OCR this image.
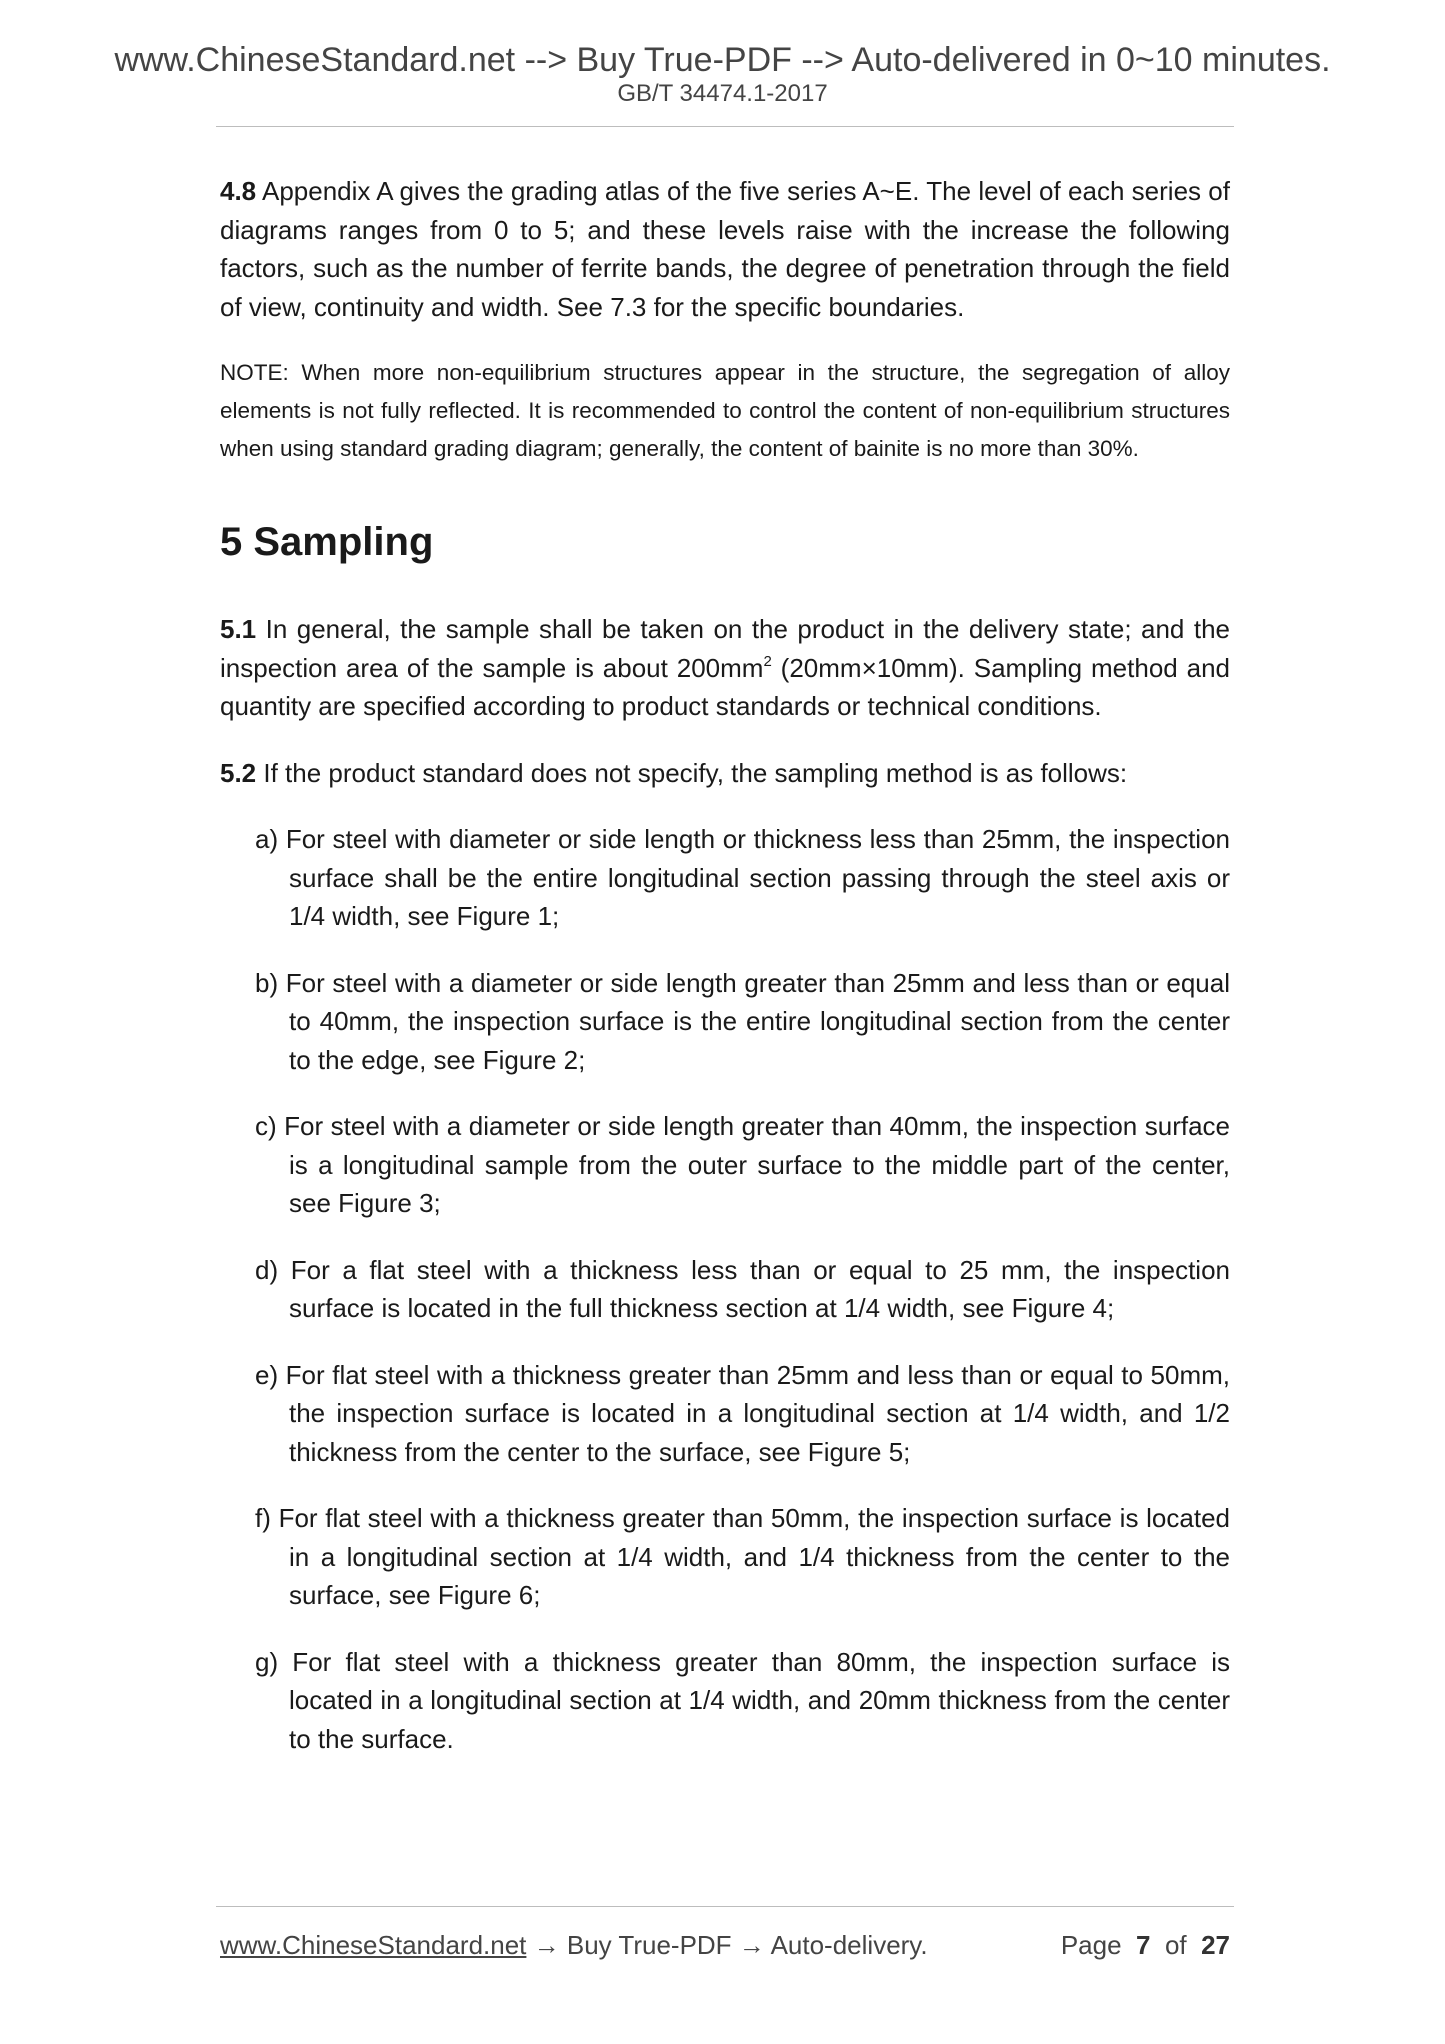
www.ChineseStandard.net --> Buy True-PDF --> Auto-delivered in 0~10 minutes.
GB/T 34474.1-2017

4.8 Appendix A gives the grading atlas of the five series A~E. The level of each series of diagrams ranges from 0 to 5; and these levels raise with the increase the following factors, such as the number of ferrite bands, the degree of penetration through the field of view, continuity and width. See 7.3 for the specific boundaries.

NOTE: When more non-equilibrium structures appear in the structure, the segregation of alloy elements is not fully reflected. It is recommended to control the content of non-equilibrium structures when using standard grading diagram; generally, the content of bainite is no more than 30%.

5 Sampling

5.1 In general, the sample shall be taken on the product in the delivery state; and the inspection area of the sample is about $200mm^2$ (20mm×10mm). Sampling method and quantity are specified according to product standards or technical conditions.

5.2 If the product standard does not specify, the sampling method is as follows:

a) For steel with diameter or side length or thickness less than 25mm, the inspection surface shall be the entire longitudinal section passing through the steel axis or 1/4 width, see Figure 1;

b) For steel with a diameter or side length greater than 25mm and less than or equal to 40mm, the inspection surface is the entire longitudinal section from the center to the edge, see Figure 2;

c) For steel with a diameter or side length greater than 40mm, the inspection surface is a longitudinal sample from the outer surface to the middle part of the center, see Figure 3;

d) For a flat steel with a thickness less than or equal to 25 mm, the inspection surface is located in the full thickness section at 1/4 width, see Figure 4;

e) For flat steel with a thickness greater than 25mm and less than or equal to 50mm, the inspection surface is located in a longitudinal section at 1/4 width, and 1/2 thickness from the center to the surface, see Figure 5;

f) For flat steel with a thickness greater than 50mm, the inspection surface is located in a longitudinal section at 1/4 width, and 1/4 thickness from the center to the surface, see Figure 6;

g) For flat steel with a thickness greater than 80mm, the inspection surface is located in a longitudinal section at 1/4 width, and 20mm thickness from the center to the surface.

www.ChineseStandard.net → Buy True-PDF → Auto-delivery.	Page 7 of 27
